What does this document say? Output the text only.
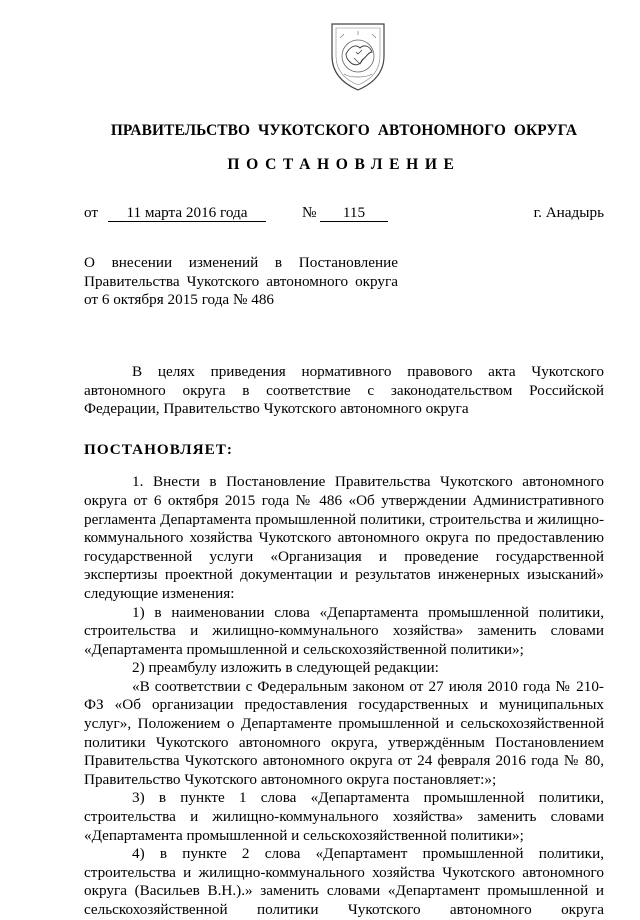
ПРАВИТЕЛЬСТВО ЧУКОТСКОГО АВТОНОМНОГО ОКРУГА
ПОСТАНОВЛЕНИЕ
от	11 марта 2016 года	№	115	г. Анадырь
О внесении изменений в Постановление
Правительства Чукотского автономного округа
от 6 октября 2015 года № 486
В целях приведения нормативного правового акта Чукотского
автономного округа в соответствие с законодательством Российской
Федерации, Правительство Чукотского автономного округа
ПОСТАНОВЛЯЕТ:
1. Внести в Постановление Правительства Чукотского автономного
округа от 6 октября 2015 года № 486 «Об утверждении Административного
регламента Департамента промышленной политики, строительства и жилищно-
коммунального хозяйства Чукотского автономного округа по предоставлению
государственной услуги «Организация и проведение государственной
экспертизы проектной документации и результатов инженерных изысканий»
следующие изменения:
1) в наименовании слова «Департамента промышленной политики,
строительства и жилищно-коммунального хозяйства» заменить словами
«Департамента промышленной и сельскохозяйственной политики»;
2) преамбулу изложить в следующей редакции:
«В соответствии с Федеральным законом от 27 июля 2010 года № 210-
ФЗ «Об организации предоставления государственных и муниципальных
услуг», Положением о Департаменте промышленной и сельскохозяйственной
политики Чукотского автономного округа, утверждённым Постановлением
Правительства Чукотского автономного округа от 24 февраля 2016 года № 80,
Правительство Чукотского автономного округа постановляет:»;
3) в пункте 1 слова «Департамента промышленной политики,
строительства и жилищно-коммунального хозяйства» заменить словами
«Департамента промышленной и сельскохозяйственной политики»;
4) в пункте 2 слова «Департамент промышленной политики,
строительства и жилищно-коммунального хозяйства Чукотского автономного
округа (Васильев В.Н.).» заменить словами «Департамент промышленной и
сельскохозяйственной политики Чукотского автономного округа
